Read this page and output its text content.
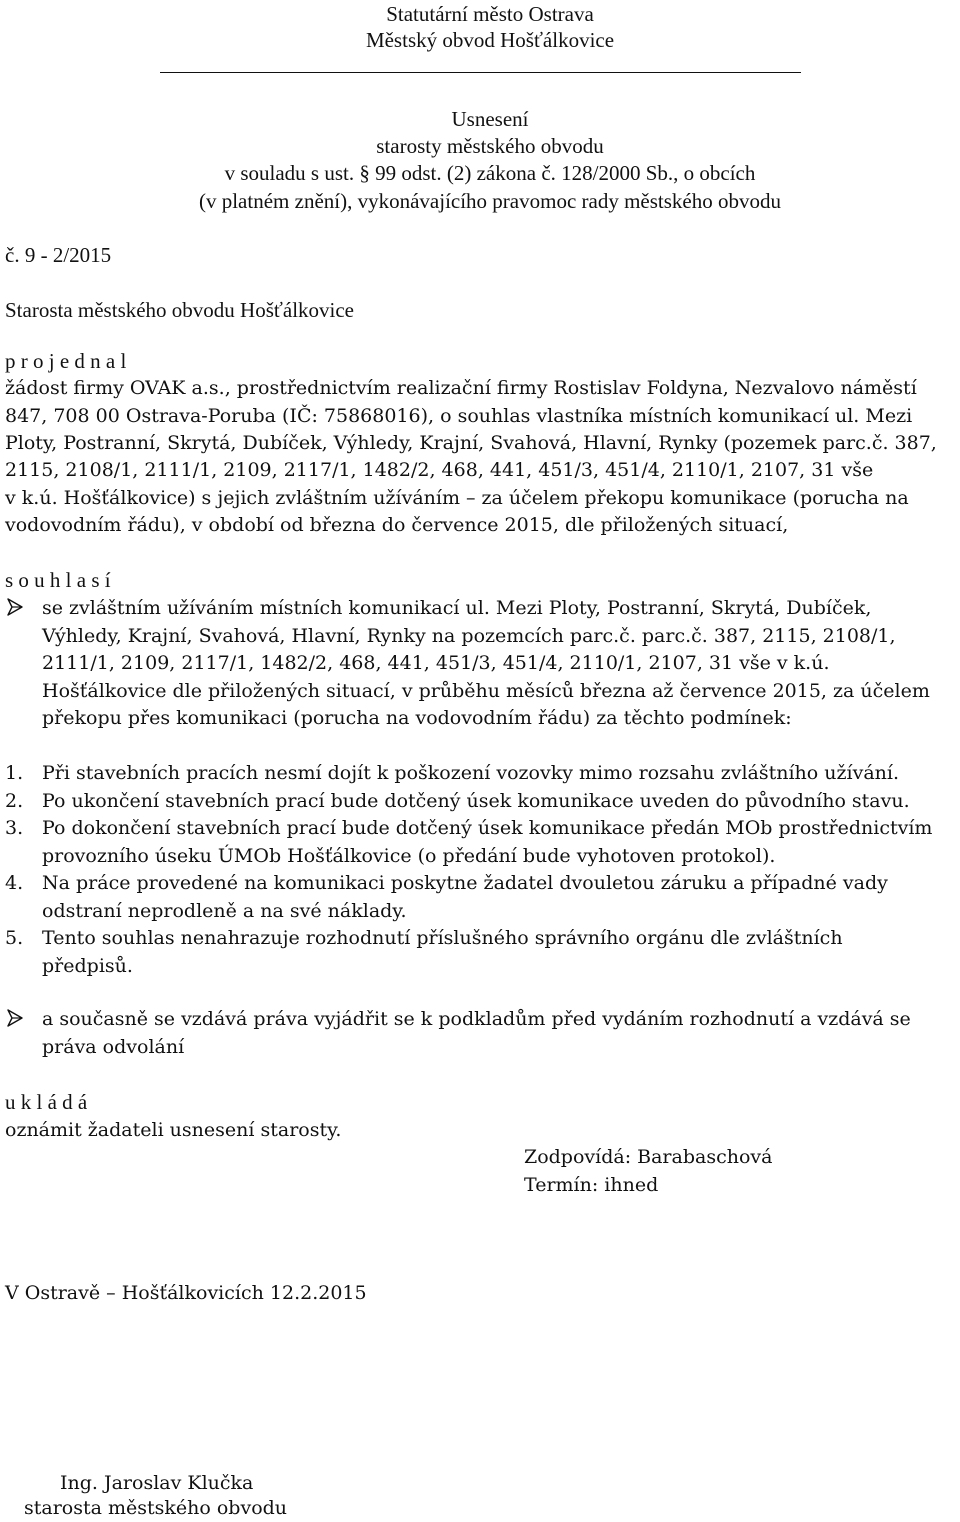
Statutární město Ostrava
Městský obvod Hošťálkovice
Usnesení
starosty městského obvodu
v souladu s ust. § 99 odst. (2) zákona č. 128/2000 Sb., o obcích
(v platném znění), vykonávajícího pravomoc rady městského obvodu
č. 9 - 2/2015
Starosta městského obvodu Hošťálkovice
p r o j e d n a l
žádost firmy OVAK a.s., prostřednictvím realizační firmy Rostislav Foldyna, Nezvalovo náměstí
847, 708 00 Ostrava-Poruba (IČ: 75868016), o souhlas vlastníka místních komunikací ul. Mezi
Ploty, Postranní, Skrytá, Dubíček, Výhledy, Krajní, Svahová, Hlavní, Rynky (pozemek parc.č. 387,
2115, 2108/1, 2111/1, 2109, 2117/1, 1482/2, 468, 441, 451/3, 451/4, 2110/1, 2107, 31 vše
v k.ú. Hošťálkovice) s jejich zvláštním užíváním – za účelem překopu komunikace (porucha na
vodovodním řádu), v období od března do července 2015, dle přiložených situací,
s o u h l a s í
se zvláštním užíváním místních komunikací ul. Mezi Ploty, Postranní, Skrytá, Dubíček,
Výhledy, Krajní, Svahová, Hlavní, Rynky na pozemcích parc.č. parc.č. 387, 2115, 2108/1,
2111/1, 2109, 2117/1, 1482/2, 468, 441, 451/3, 451/4, 2110/1, 2107, 31 vše v k.ú.
Hošťálkovice dle přiložených situací, v průběhu měsíců března až července 2015, za účelem
překopu přes komunikaci (porucha na vodovodním řádu) za těchto podmínek:
1. Při stavebních pracích nesmí dojít k poškození vozovky mimo rozsahu zvláštního užívání.
2. Po ukončení stavebních prací bude dotčený úsek komunikace uveden do původního stavu.
3. Po dokončení stavebních prací bude dotčený úsek komunikace předán MOb prostřednictvím
provozního úseku ÚMOb Hošťálkovice (o předání bude vyhotoven protokol).
4. Na práce provedené na komunikaci poskytne žadatel dvouletou záruku a případné vady
odstraní neprodleně a na své náklady.
5. Tento souhlas nenahrazuje rozhodnutí příslušného správního orgánu dle zvláštních
předpisů.
a současně se vzdává práva vyjádřit se k podkladům před vydáním rozhodnutí a vzdává se
práva odvolání
u k l á d á
oznámit žadateli usnesení starosty.
Zodpovídá: Barabaschová
Termín: ihned
V Ostravě – Hošťálkovicích 12.2.2015
Ing. Jaroslav Klučka
starosta městského obvodu
